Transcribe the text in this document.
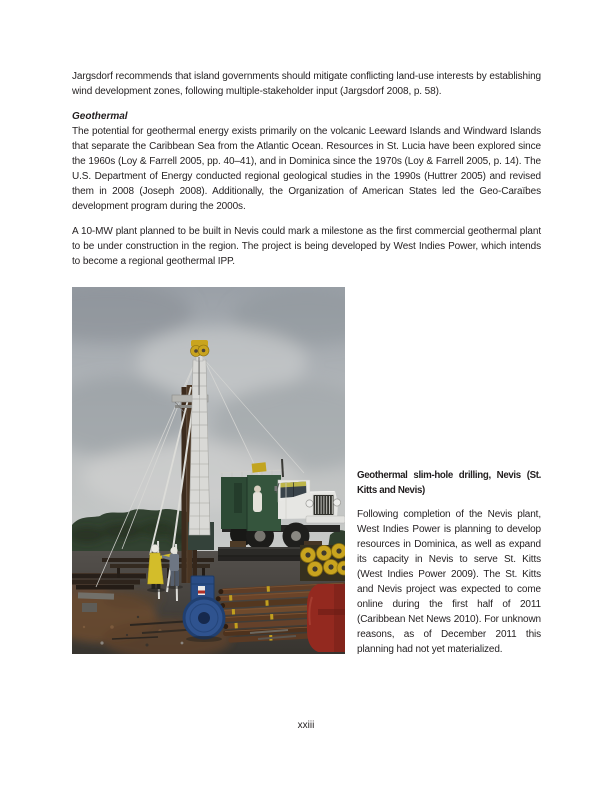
Jargsdorf recommends that island governments should mitigate conflicting land-use interests by establishing wind development zones, following multiple-stakeholder input (Jargsdorf 2008, p. 58).

Geothermal

The potential for geothermal energy exists primarily on the volcanic Leeward Islands and Windward Islands that separate the Caribbean Sea from the Atlantic Ocean. Resources in St. Lucia have been explored since the 1960s (Loy & Farrell 2005, pp. 40–41), and in Dominica since the 1970s (Loy & Farrell 2005, p. 14). The U.S. Department of Energy conducted regional geological studies in the 1990s (Huttrer 2005) and revised them in 2008 (Joseph 2008). Additionally, the Organization of American States led the Geo-Caraïbes development program during the 2000s.

A 10-MW plant planned to be built in Nevis could mark a milestone as the first commercial geothermal plant to be under construction in the region. The project is being developed by West Indies Power, which intends to become a regional geothermal IPP.

Geothermal slim-hole drilling, Nevis (St. Kitts and Nevis)

Following completion of the Nevis plant, West Indies Power is planning to develop resources in Dominica, as well as expand its capacity in Nevis to serve St. Kitts (West Indies Power 2009). The St. Kitts and Nevis project was expected to come online during the first half of 2011 (Caribbean Net News 2010). For unknown reasons, as of December 2011 this planning had not yet materialized.

xxiii
